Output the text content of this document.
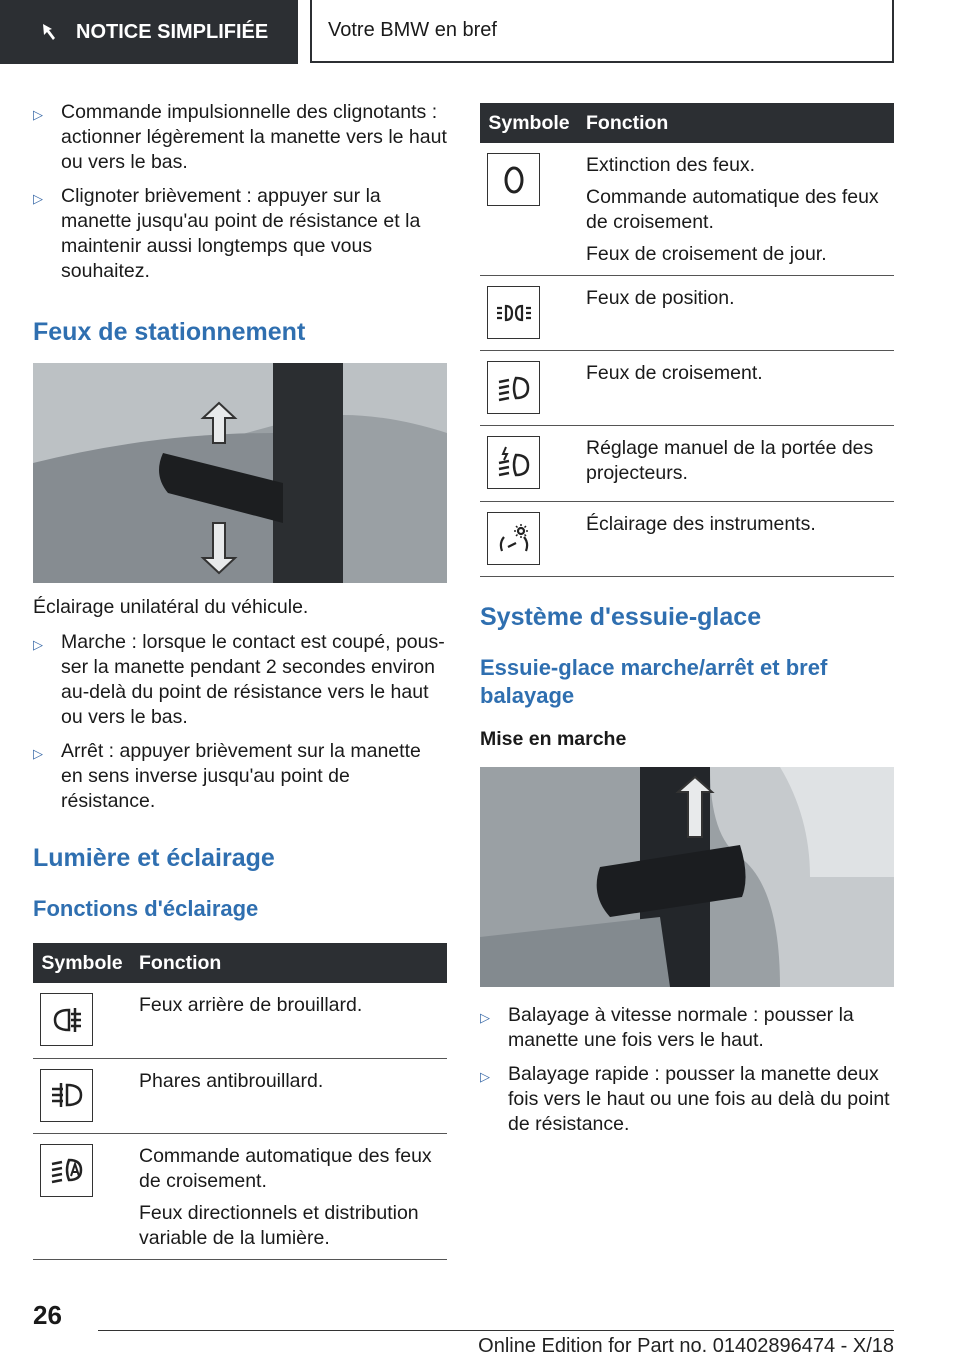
NOTICE SIMPLIFIÉE	Votre BMW en bref
▷ Commande impulsionnelle des clignotants : actionner légèrement la manette vers le haut ou vers le bas.
▷ Clignoter brièvement : appuyer sur la manette jusqu'au point de résistance et la maintenir aussi longtemps que vous souhaitez.
Feux de stationnement

Éclairage unilatéral du véhicule.

▷ Marche : lorsque le contact est coupé, pousser la manette pendant 2 secondes environ au-delà du point de résistance vers le haut ou vers le bas.
▷ Arrêt : appuyer brièvement sur la manette en sens inverse jusqu'au point de résistance.
Lumière et éclairage
Fonctions d'éclairage
Symbole	Fonction

Feux arrière de brouillard.

Phares antibrouillard.

Commande automatique des feux de croisement.
Feux directionnels et distribution variable de la lumière.
Symbole	Fonction

Extinction des feux.
Commande automatique des feux de croisement.
Feux de croisement de jour.

Feux de position.

Feux de croisement.

Réglage manuel de la portée des projecteurs.

Éclairage des instruments.
Système d'essuie-glace
Essuie-glace marche/arrêt et bref balayage
Mise en marche
▷ Balayage à vitesse normale : pousser la manette une fois vers le haut.
▷ Balayage rapide : pousser la manette deux fois vers le haut ou une fois au delà du point de résistance.
26
Online Edition for Part no. 01402896474 - X/18
